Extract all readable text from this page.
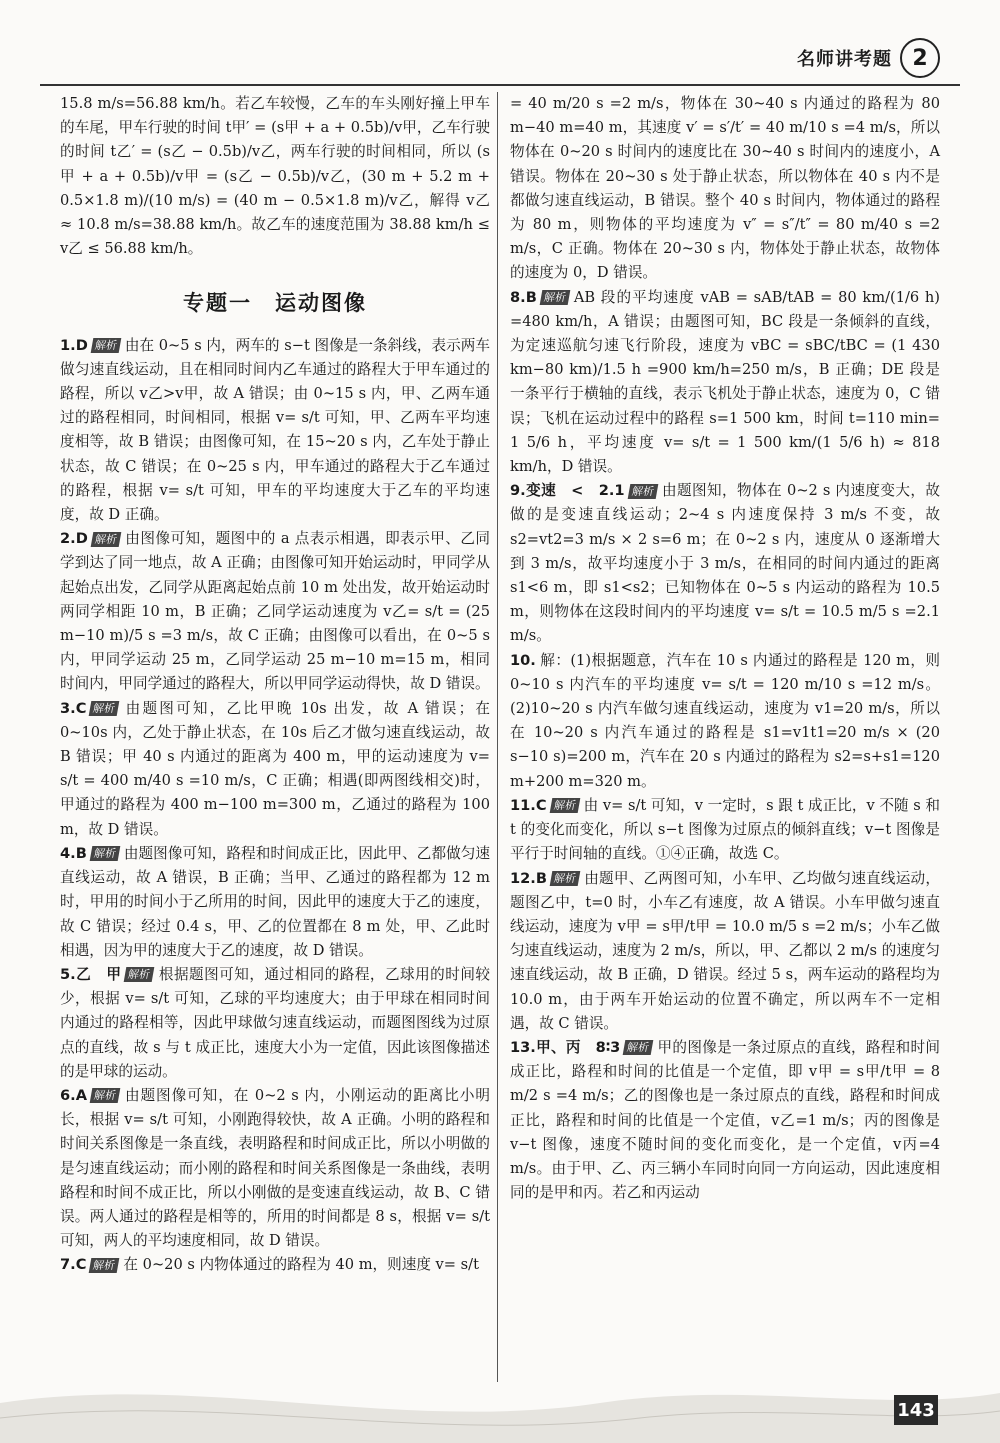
名师讲考题 2

15.8 m/s=56.88 km/h。若乙车较慢，乙车的车头刚好撞上甲车的车尾，甲车行驶的时间 t甲′ = (s甲 + a + 0.5b)/v甲，乙车行驶的时间 t乙′ = (s乙 − 0.5b)/v乙，两车行驶的时间相同，所以 (s甲 + a + 0.5b)/v甲 = (s乙 − 0.5b)/v乙，(30 m + 5.2 m + 0.5×1.8 m)/(10 m/s) = (40 m − 0.5×1.8 m)/v乙，解得 v乙 ≈ 10.8 m/s=38.88 km/h。故乙车的速度范围为 38.88 km/h ≤ v乙 ≤ 56.88 km/h。

专题一　运动图像

1.D 解析 由在 0~5 s 内，两车的 s−t 图像是一条斜线，表示两车做匀速直线运动，且在相同时间内乙车通过的路程大于甲车通过的路程，所以 v乙>v甲，故 A 错误；由 0~15 s 内，甲、乙两车通过的路程相同，时间相同，根据 v= s/t 可知，甲、乙两车平均速度相等，故 B 错误；由图像可知，在 15~20 s 内，乙车处于静止状态，故 C 错误；在 0~25 s 内，甲车通过的路程大于乙车通过的路程，根据 v= s/t 可知，甲车的平均速度大于乙车的平均速度，故 D 正确。

2.D 解析 由图像可知，题图中的 a 点表示相遇，即表示甲、乙同学到达了同一地点，故 A 正确；由图像可知开始运动时，甲同学从起始点出发，乙同学从距离起始点前 10 m 处出发，故开始运动时两同学相距 10 m，B 正确；乙同学运动速度为 v乙= s/t = (25 m−10 m)/5 s =3 m/s，故 C 正确；由图像可以看出，在 0~5 s 内，甲同学运动 25 m，乙同学运动 25 m−10 m=15 m，相同时间内，甲同学通过的路程大，所以甲同学运动得快，故 D 错误。

3.C 解析 由题图可知，乙比甲晚 10s 出发，故 A 错误；在 0~10s 内，乙处于静止状态，在 10s 后乙才做匀速直线运动，故 B 错误；甲 40 s 内通过的距离为 400 m，甲的运动速度为 v= s/t = 400 m/40 s =10 m/s，C 正确；相遇(即两图线相交)时，甲通过的路程为 400 m−100 m=300 m，乙通过的路程为 100 m，故 D 错误。

4.B 解析 由题图像可知，路程和时间成正比，因此甲、乙都做匀速直线运动，故 A 错误，B 正确；当甲、乙通过的路程都为 12 m 时，甲用的时间小于乙所用的时间，因此甲的速度大于乙的速度，故 C 错误；经过 0.4 s，甲、乙的位置都在 8 m 处，甲、乙此时相遇，因为甲的速度大于乙的速度，故 D 错误。

5.乙　甲 解析 根据题图可知，通过相同的路程，乙球用的时间较少，根据 v= s/t 可知，乙球的平均速度大；由于甲球在相同时间内通过的路程相等，因此甲球做匀速直线运动，而题图图线为过原点的直线，故 s 与 t 成正比，速度大小为一定值，因此该图像描述的是甲球的运动。

6.A 解析 由题图像可知，在 0~2 s 内，小刚运动的距离比小明长，根据 v= s/t 可知，小刚跑得较快，故 A 正确。小明的路程和时间关系图像是一条直线，表明路程和时间成正比，所以小明做的是匀速直线运动；而小刚的路程和时间关系图像是一条曲线，表明路程和时间不成正比，所以小刚做的是变速直线运动，故 B、C 错误。两人通过的路程是相等的，所用的时间都是 8 s，根据 v= s/t 可知，两人的平均速度相同，故 D 错误。

7.C 解析 在 0~20 s 内物体通过的路程为 40 m，则速度 v= s/t

= 40 m/20 s =2 m/s，物体在 30~40 s 内通过的路程为 80 m−40 m=40 m，其速度 v′ = s′/t′ = 40 m/10 s =4 m/s，所以物体在 0~20 s 时间内的速度比在 30~40 s 时间内的速度小，A 错误。物体在 20~30 s 处于静止状态，所以物体在 40 s 内不是都做匀速直线运动，B 错误。整个 40 s 时间内，物体通过的路程为 80 m，则物体的平均速度为 v″ = s″/t″ = 80 m/40 s =2 m/s，C 正确。物体在 20~30 s 内，物体处于静止状态，故物体的速度为 0，D 错误。

8.B 解析 AB 段的平均速度 vAB = sAB/tAB = 80 km/(1/6 h) =480 km/h，A 错误；由题图可知，BC 段是一条倾斜的直线，为定速巡航匀速飞行阶段，速度为 vBC = sBC/tBC = (1 430 km−80 km)/1.5 h =900 km/h=250 m/s，B 正确；DE 段是一条平行于横轴的直线，表示飞机处于静止状态，速度为 0，C 错误；飞机在运动过程中的路程 s=1 500 km，时间 t=110 min= 1 5/6 h，平均速度 v= s/t = 1 500 km/(1 5/6 h) ≈ 818 km/h，D 错误。

9.变速　<　2.1 解析 由题图知，物体在 0~2 s 内速度变大，故做的是变速直线运动；2~4 s 内速度保持 3 m/s 不变，故 s2=vt2=3 m/s × 2 s=6 m；在 0~2 s 内，速度从 0 逐渐增大到 3 m/s，故平均速度小于 3 m/s，在相同的时间内通过的距离 s1<6 m，即 s1<s2；已知物体在 0~5 s 内运动的路程为 10.5 m，则物体在这段时间内的平均速度 v= s/t = 10.5 m/5 s =2.1 m/s。

10. 解：(1)根据题意，汽车在 10 s 内通过的路程是 120 m，则 0~10 s 内汽车的平均速度 v= s/t = 120 m/10 s =12 m/s。(2)10~20 s 内汽车做匀速直线运动，速度为 v1=20 m/s，所以在 10~20 s 内汽车通过的路程是 s1=v1t1=20 m/s × (20 s−10 s)=200 m，汽车在 20 s 内通过的路程为 s2=s+s1=120 m+200 m=320 m。

11.C 解析 由 v= s/t 可知，v 一定时，s 跟 t 成正比，v 不随 s 和 t 的变化而变化，所以 s−t 图像为过原点的倾斜直线；v−t 图像是平行于时间轴的直线。①④正确，故选 C。

12.B 解析 由题甲、乙两图可知，小车甲、乙均做匀速直线运动，题图乙中，t=0 时，小车乙有速度，故 A 错误。小车甲做匀速直线运动，速度为 v甲 = s甲/t甲 = 10.0 m/5 s =2 m/s；小车乙做匀速直线运动，速度为 2 m/s，所以，甲、乙都以 2 m/s 的速度匀速直线运动，故 B 正确，D 错误。经过 5 s，两车运动的路程均为 10.0 m，由于两车开始运动的位置不确定，所以两车不一定相遇，故 C 错误。

13.甲、丙　8∶3 解析 甲的图像是一条过原点的直线，路程和时间成正比，路程和时间的比值是一个定值，即 v甲 = s甲/t甲 = 8 m/2 s =4 m/s；乙的图像也是一条过原点的直线，路程和时间成正比，路程和时间的比值是一个定值，v乙=1 m/s；丙的图像是 v−t 图像，速度不随时间的变化而变化，是一个定值，v丙=4 m/s。由于甲、乙、丙三辆小车同时向同一方向运动，因此速度相同的是甲和丙。若乙和丙运动

143
